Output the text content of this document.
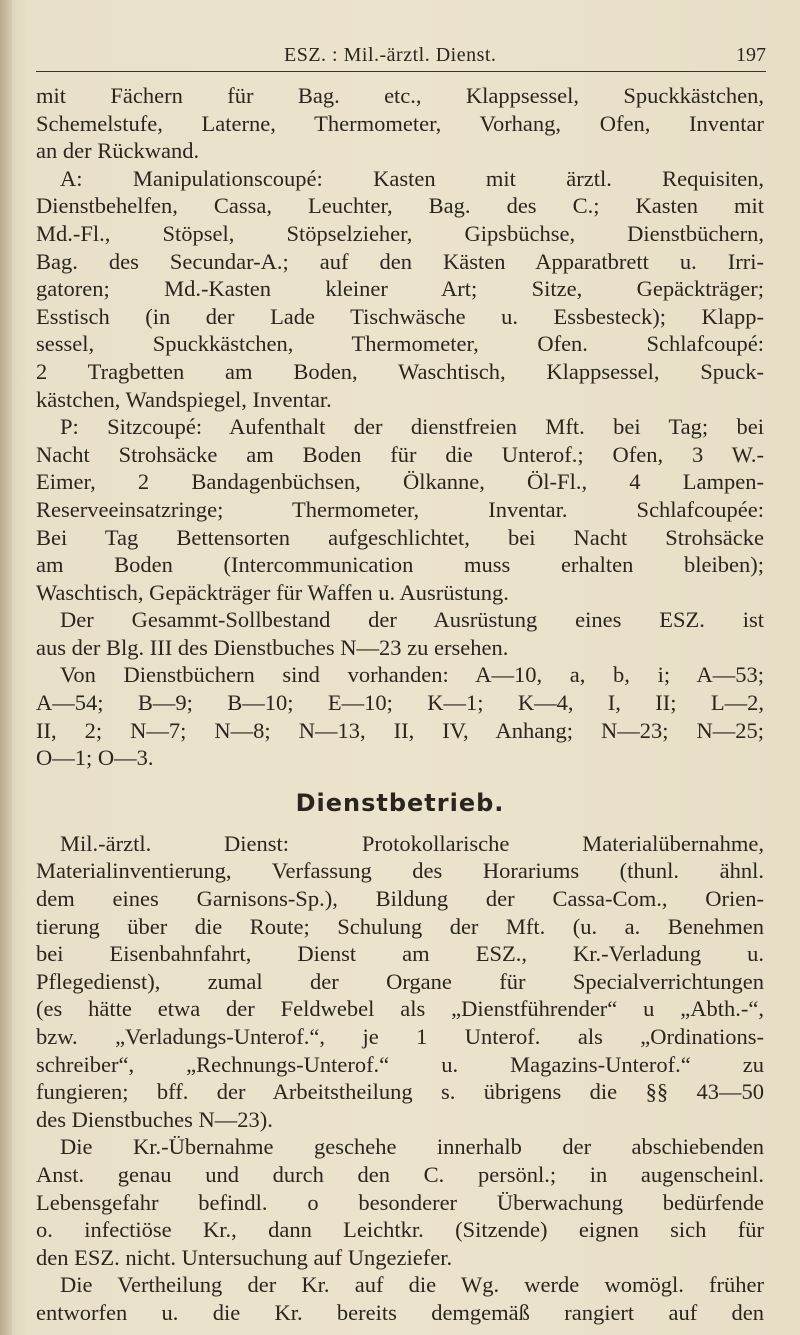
ESZ. : Mil.-ärztl. Dienst.	197

mit Fächern für Bag. etc., Klappsessel, Spuckkästchen,
Schemelstufe, Laterne, Thermometer, Vorhang, Ofen, Inventar
an der Rückwand.
A: Manipulationscoupé: Kasten mit ärztl. Requisiten,
Dienstbehelfen, Cassa, Leuchter, Bag. des C.; Kasten mit
Md.-Fl., Stöpsel, Stöpselzieher, Gipsbüchse, Dienstbüchern,
Bag. des Secundar-A.; auf den Kästen Apparatbrett u. Irri-
gatoren; Md.-Kasten kleiner Art; Sitze, Gepäckträger;
Esstisch (in der Lade Tischwäsche u. Essbesteck); Klapp-
sessel, Spuckkästchen, Thermometer, Ofen. Schlafcoupé:
2 Tragbetten am Boden, Waschtisch, Klappsessel, Spuck-
kästchen, Wandspiegel, Inventar.
P: Sitzcoupé: Aufenthalt der dienstfreien Mft. bei Tag; bei
Nacht Strohsäcke am Boden für die Unterof.; Ofen, 3 W.-
Eimer, 2 Bandagenbüchsen, Ölkanne, Öl-Fl., 4 Lampen-
Reserveeinsatzringe; Thermometer, Inventar. Schlafcoupée:
Bei Tag Bettensorten aufgeschlichtet, bei Nacht Strohsäcke
am Boden (Intercommunication muss erhalten bleiben);
Waschtisch, Gepäckträger für Waffen u. Ausrüstung.
Der Gesammt-Sollbestand der Ausrüstung eines ESZ. ist
aus der Blg. III des Dienstbuches N—23 zu ersehen.
Von Dienstbüchern sind vorhanden: A—10, a, b, i; A—53;
A—54; B—9; B—10; E—10; K—1; K—4, I, II; L—2,
II, 2; N—7; N—8; N—13, II, IV, Anhang; N—23; N—25;
O—1; O—3.

Dienstbetrieb.

Mil.-ärztl. Dienst: Protokollarische Materialübernahme,
Materialinventierung, Verfassung des Horariums (thunl. ähnl.
dem eines Garnisons-Sp.), Bildung der Cassa-Com., Orien-
tierung über die Route; Schulung der Mft. (u. a. Benehmen
bei Eisenbahnfahrt, Dienst am ESZ., Kr.-Verladung u.
Pflegedienst), zumal der Organe für Specialverrichtungen
(es hätte etwa der Feldwebel als „Dienstführender“ u „Abth.-“,
bzw. „Verladungs-Unterof.“, je 1 Unterof. als „Ordinations-
schreiber“, „Rechnungs-Unterof.“ u. Magazins-Unterof.“ zu
fungieren; bff. der Arbeitstheilung s. übrigens die §§ 43—50
des Dienstbuches N—23).
Die Kr.-Übernahme geschehe innerhalb der abschiebenden
Anst. genau und durch den C. persönl.; in augenscheinl.
Lebensgefahr befindl. o besonderer Überwachung bedürfende
o. infectiöse Kr., dann Leichtkr. (Sitzende) eignen sich für
den ESZ. nicht. Untersuchung auf Ungeziefer.
Die Vertheilung der Kr. auf die Wg. werde womögl. früher
entworfen u. die Kr. bereits demgemäß rangiert auf den
